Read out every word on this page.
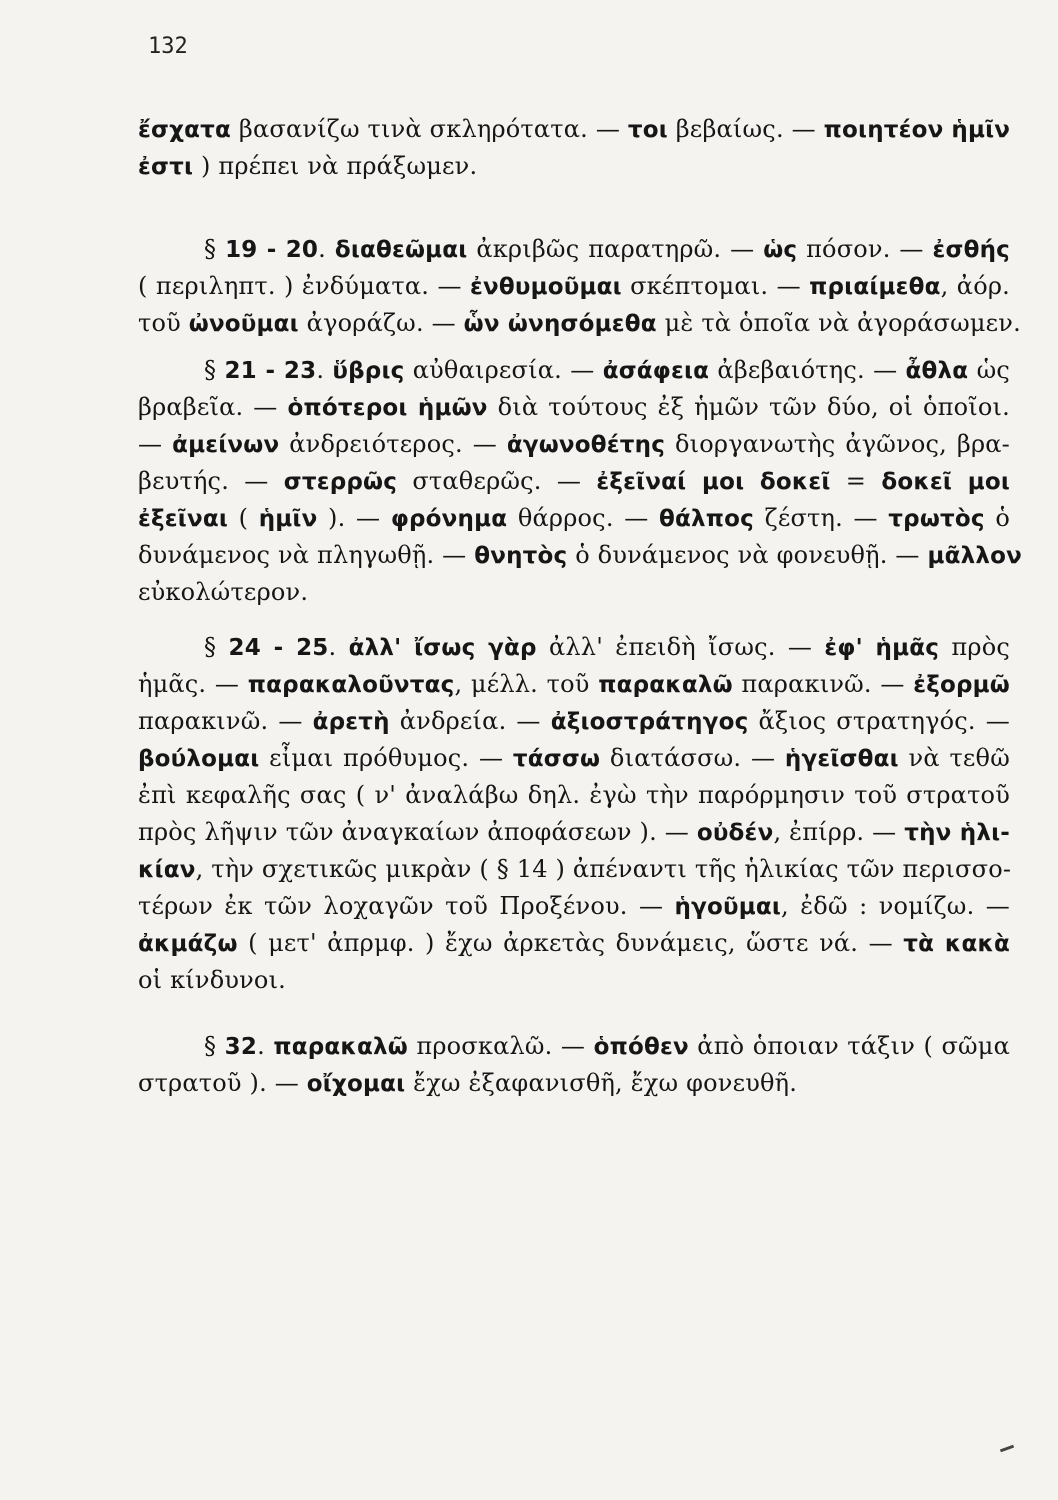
132
ἔσχατα βασανίζω τινὰ σκληρότατα. — τοι βεβαίως. — ποιητέον ἡμῖν
ἐστι ) πρέπει νὰ πράξωμεν.
§ 19 - 20. διαθεῶμαι ἀκριβῶς παρατηρῶ. — ὡς πόσον. — ἐσθής
( περιληπτ. ) ἐνδύματα. — ἐνθυμοῦμαι σκέπτομαι. — πριαίμεθα, ἀόρ.
τοῦ ὠνοῦμαι ἀγοράζω. — ὧν ὠνησόμεθα μὲ τὰ ὁποῖα νὰ ἀγοράσωμεν.
§ 21 - 23. ὕβρις αὐθαιρεσία. — ἀσάφεια ἀβεβαιότης. — ἆθλα ὡς
βραβεῖα. — ὁπότεροι ἡμῶν διὰ τούτους ἐξ ἡμῶν τῶν δύο, οἱ ὁποῖοι.
— ἀμείνων ἀνδρειότερος. — ἀγωνοθέτης διοργανωτὴς ἀγῶνος, βρα-
βευτής. — στερρῶς σταθερῶς. — ἐξεῖναί μοι δοκεῖ = δοκεῖ μοι
ἐξεῖναι ( ἡμῖν ). — φρόνημα θάρρος. — θάλπος ζέστη. — τρωτὸς ὁ
δυνάμενος νὰ πληγωθῇ. — θνητὸς ὁ δυνάμενος νὰ φονευθῇ. — μᾶλλον
εὐκολώτερον.
§ 24 - 25. ἀλλ' ἴσως γὰρ ἀλλ' ἐπειδὴ ἴσως. — ἐφ' ἡμᾶς πρὸς
ἡμᾶς. — παρακαλοῦντας, μέλλ. τοῦ παρακαλῶ παρακινῶ. — ἐξορμῶ
παρακινῶ. — ἀρετὴ ἀνδρεία. — ἀξιοστράτηγος ἄξιος στρατηγός. —
βούλομαι εἶμαι πρόθυμος. — τάσσω διατάσσω. — ἡγεῖσθαι νὰ τεθῶ
ἐπὶ κεφαλῆς σας ( ν' ἀναλάβω δηλ. ἐγὼ τὴν παρόρμησιν τοῦ στρατοῦ
πρὸς λῆψιν τῶν ἀναγκαίων ἀποφάσεων ). — οὐδέν, ἐπίρρ. — τὴν ἡλι-
κίαν, τὴν σχετικῶς μικρὰν ( § 14 ) ἀπέναντι τῆς ἡλικίας τῶν περισσο-
τέρων ἐκ τῶν λοχαγῶν τοῦ Προξένου. — ἡγοῦμαι, ἐδῶ : νομίζω. —
ἀκμάζω ( μετ' ἀπρμφ. ) ἔχω ἀρκετὰς δυνάμεις, ὥστε νά. — τὰ κακὰ
οἱ κίνδυνοι.
§ 32. παρακαλῶ προσκαλῶ. — ὁπόθεν ἀπὸ ὁποιαν τάξιν ( σῶμα
στρατοῦ ). — οἴχομαι ἔχω ἐξαφανισθῆ, ἔχω φονευθῆ.
